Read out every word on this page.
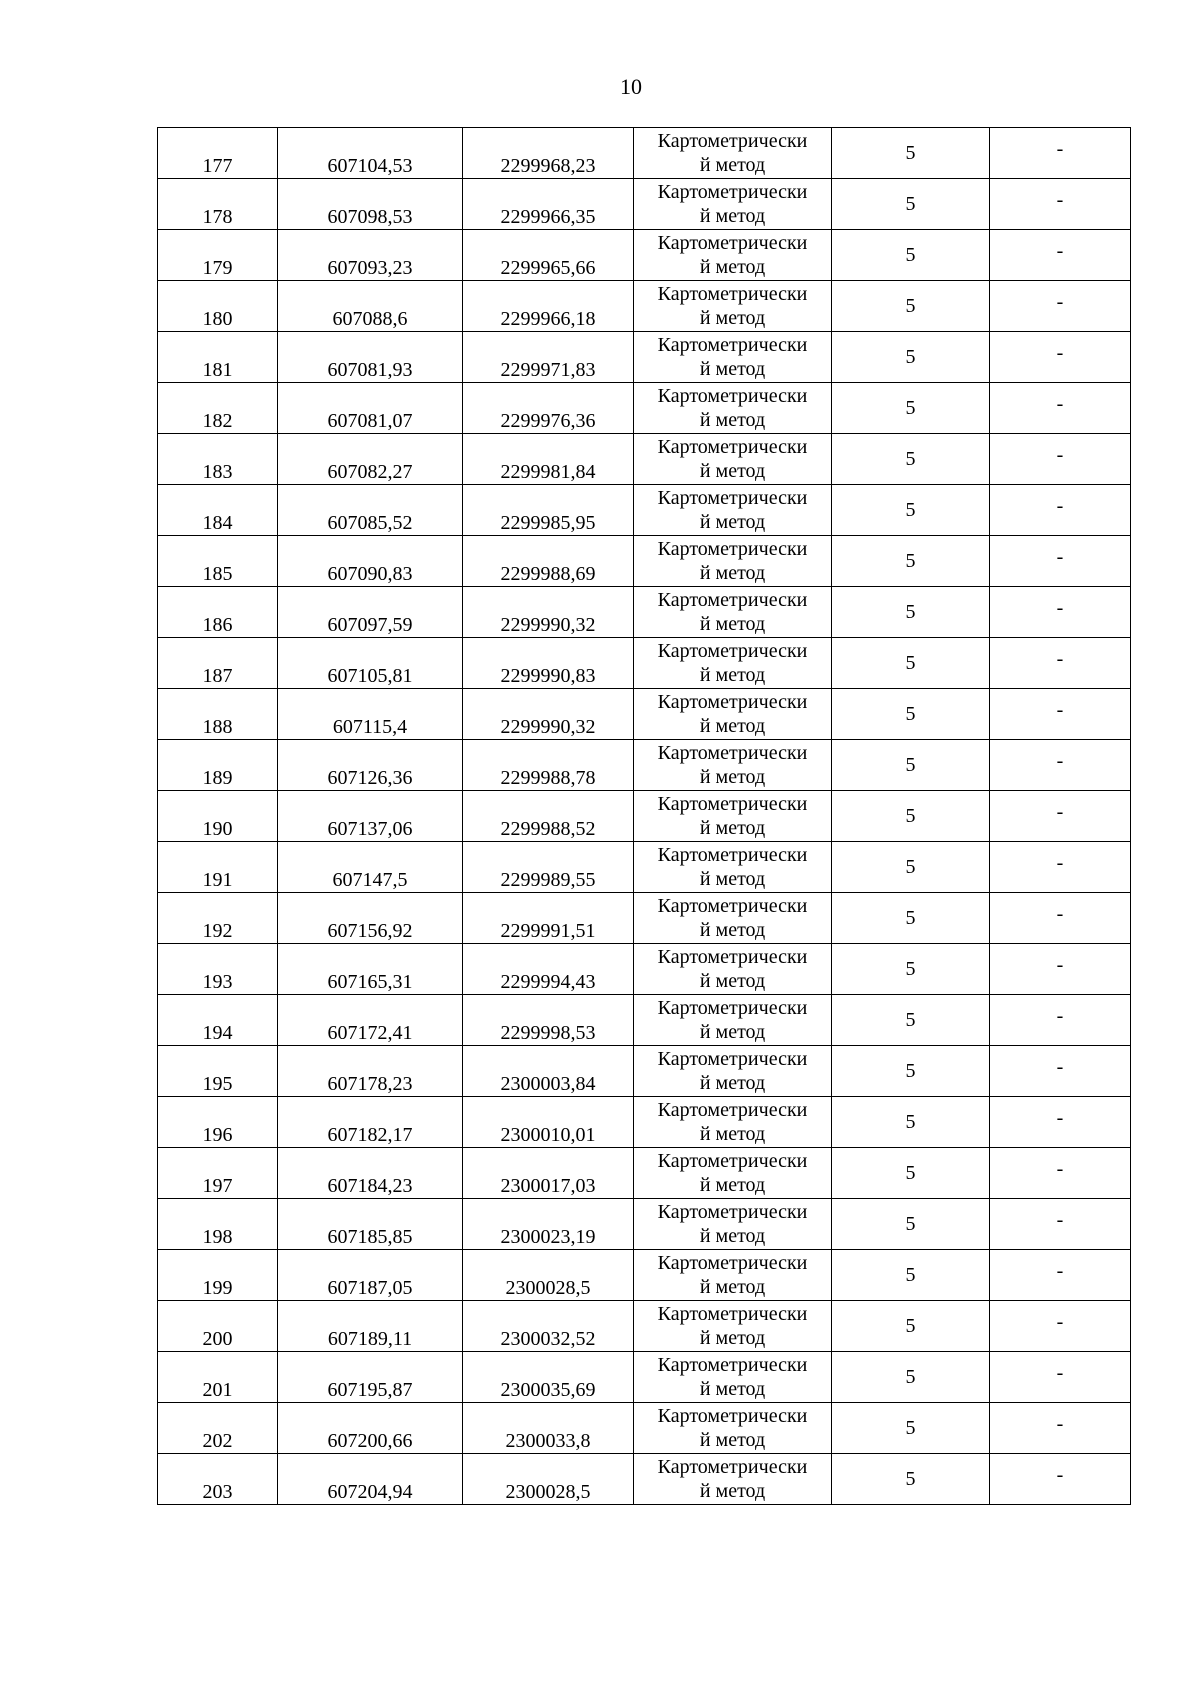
10
177	607104,53	2299968,23	Картометрически
й метод	5	-

178	607098,53	2299966,35	Картометрически
й метод	5	-

179	607093,23	2299965,66	Картометрически
й метод	5	-

180	607088,6	2299966,18	Картометрически
й метод	5	-

181	607081,93	2299971,83	Картометрически
й метод	5	-

182	607081,07	2299976,36	Картометрически
й метод	5	-

183	607082,27	2299981,84	Картометрически
й метод	5	-

184	607085,52	2299985,95	Картометрически
й метод	5	-

185	607090,83	2299988,69	Картометрически
й метод	5	-

186	607097,59	2299990,32	Картометрически
й метод	5	-

187	607105,81	2299990,83	Картометрически
й метод	5	-

188	607115,4	2299990,32	Картометрически
й метод	5	-

189	607126,36	2299988,78	Картометрически
й метод	5	-

190	607137,06	2299988,52	Картометрически
й метод	5	-

191	607147,5	2299989,55	Картометрически
й метод	5	-

192	607156,92	2299991,51	Картометрически
й метод	5	-

193	607165,31	2299994,43	Картометрически
й метод	5	-

194	607172,41	2299998,53	Картометрически
й метод	5	-

195	607178,23	2300003,84	Картометрически
й метод	5	-

196	607182,17	2300010,01	Картометрически
й метод	5	-

197	607184,23	2300017,03	Картометрически
й метод	5	-

198	607185,85	2300023,19	Картометрически
й метод	5	-

199	607187,05	2300028,5	Картометрически
й метод	5	-

200	607189,11	2300032,52	Картометрически
й метод	5	-

201	607195,87	2300035,69	Картометрически
й метод	5	-

202	607200,66	2300033,8	Картометрически
й метод	5	-

203	607204,94	2300028,5	Картометрически
й метод	5	-
